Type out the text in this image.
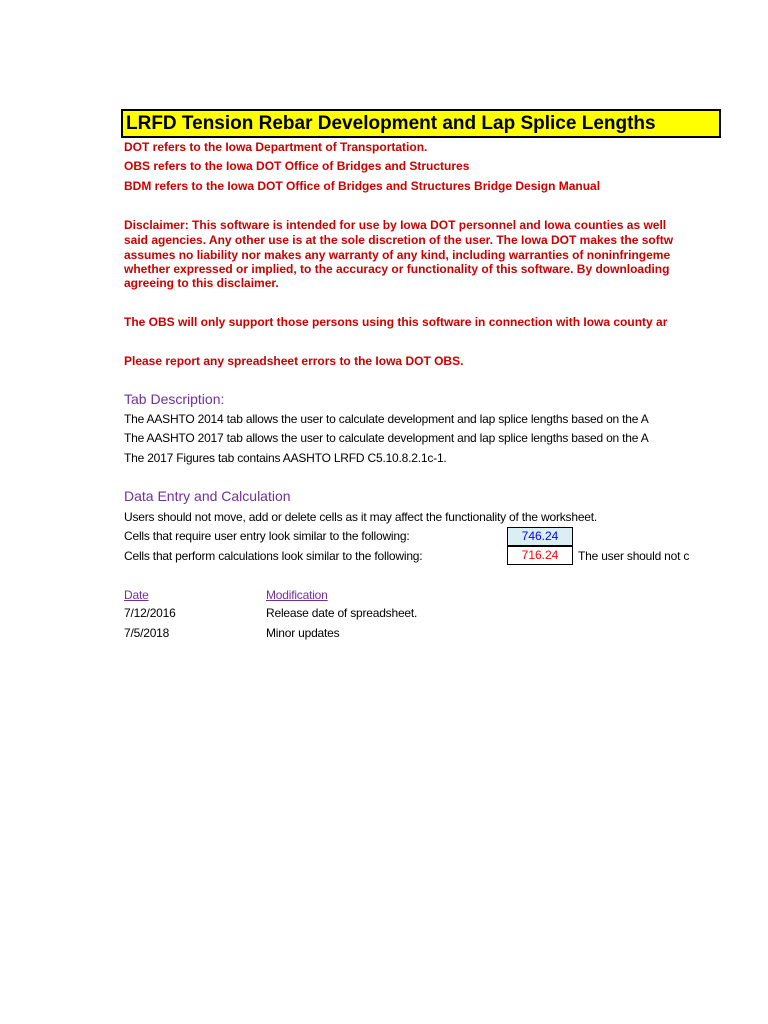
LRFD Tension Rebar Development and Lap Splice Lengths
DOT refers to the Iowa Department of Transportation.
OBS refers to the Iowa DOT Office of Bridges and Structures
BDM refers to the Iowa DOT Office of Bridges and Structures Bridge Design Manual
Disclaimer: This software is intended for use by Iowa DOT personnel and Iowa counties as well
said agencies. Any other use is at the sole discretion of the user. The Iowa DOT makes the softw
assumes no liability nor makes any warranty of any kind, including warranties of noninfringeme
whether expressed or implied, to the accuracy or functionality of this software. By downloading
agreeing to this disclaimer.
The OBS will only support those persons using this software in connection with Iowa county ar
Please report any spreadsheet errors to the Iowa DOT OBS.
Tab Description:
The AASHTO 2014 tab allows the user to calculate development and lap splice lengths based on the A
The AASHTO 2017 tab allows the user to calculate development and lap splice lengths based on the A
The 2017 Figures tab contains AASHTO LRFD C5.10.8.2.1c-1.
Data Entry and Calculation
Users should not move, add or delete cells as it may affect the functionality of the worksheet.
Cells that require user entry look similar to the following:	746.24
Cells that perform calculations look similar to the following:	716.24	The user should not c
Date	Modification
7/12/2016	Release date of spreadsheet.
7/5/2018	Minor updates
